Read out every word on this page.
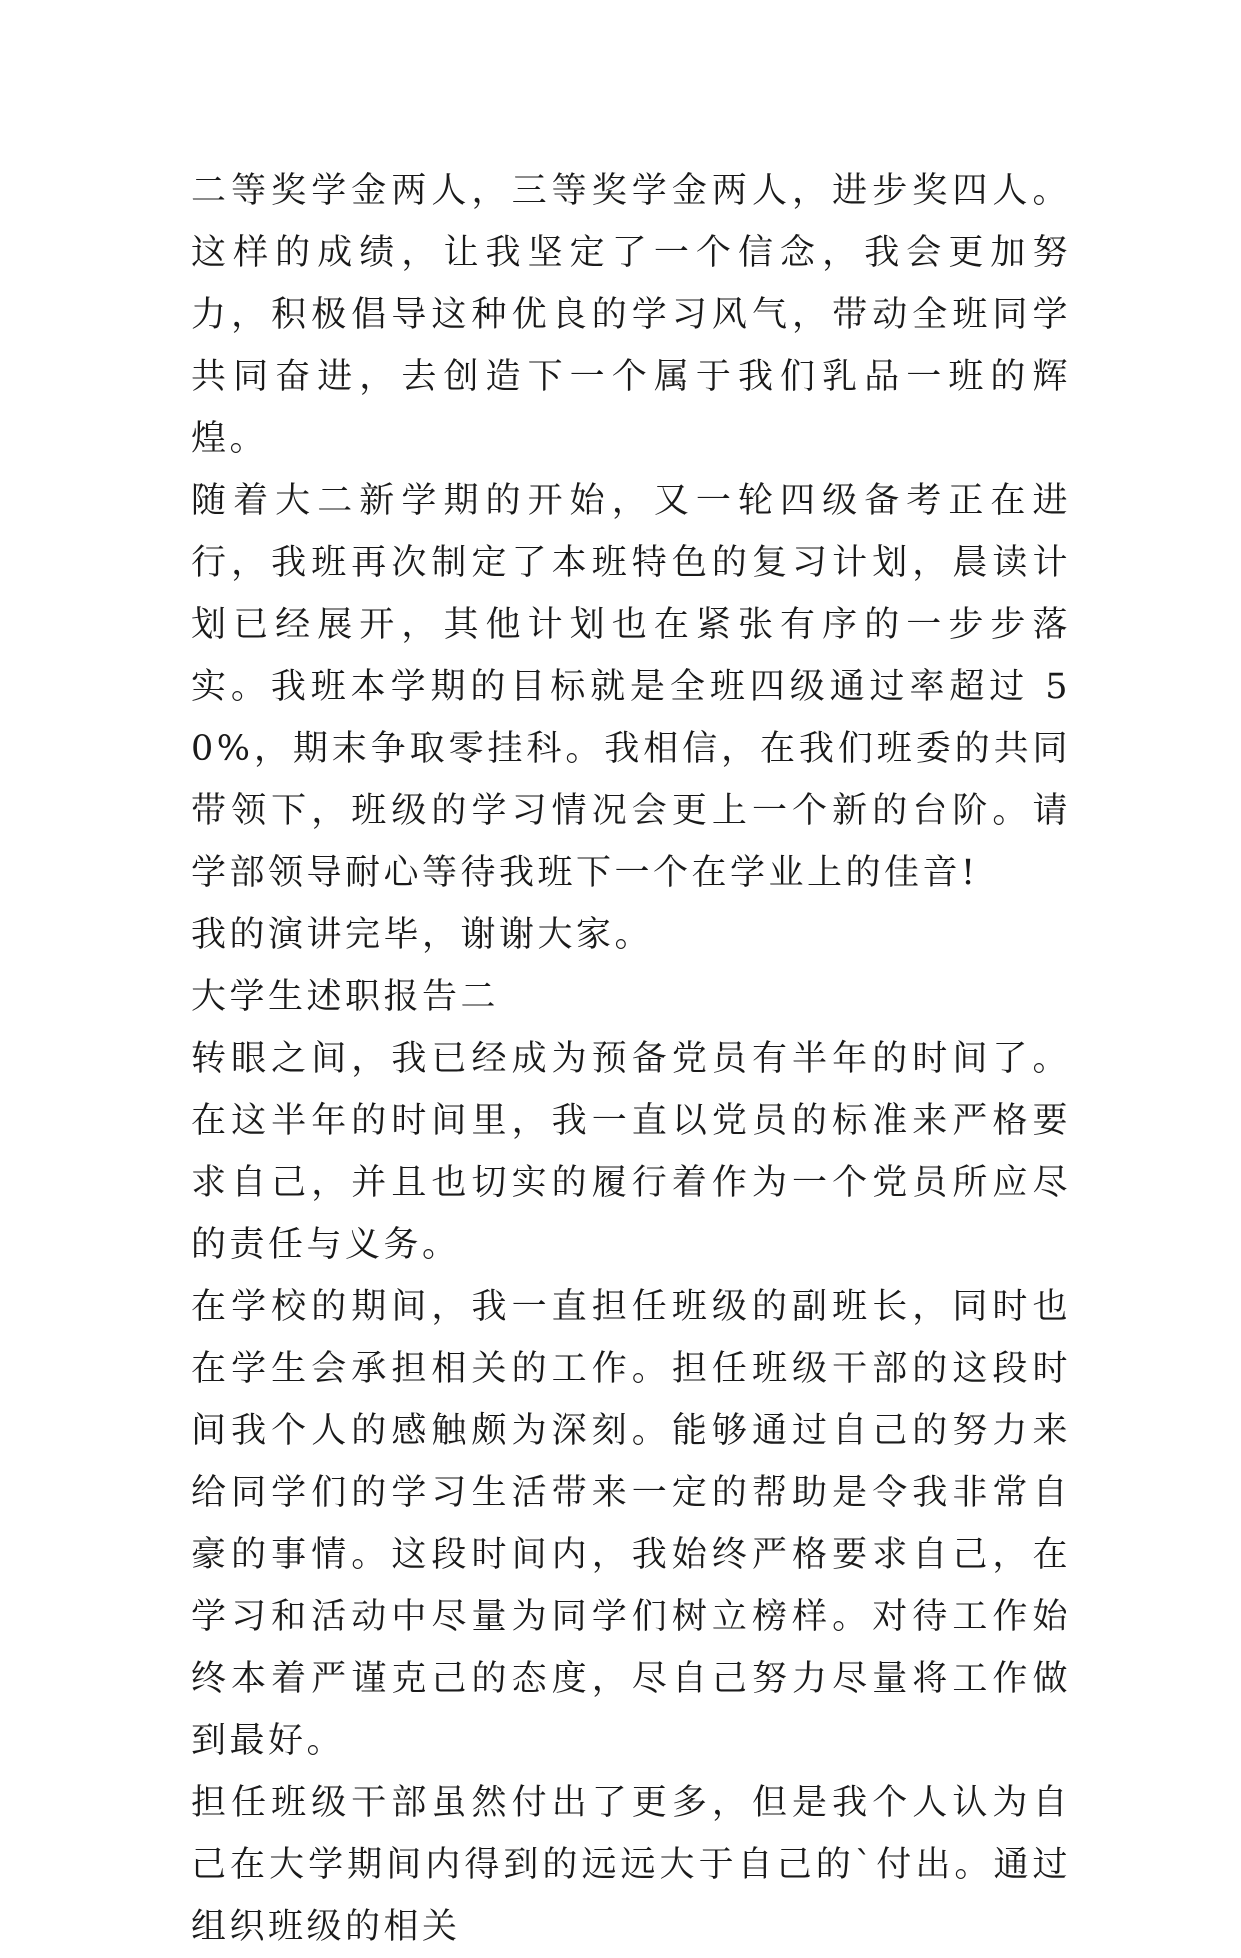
二等奖学金两人，三等奖学金两人，进步奖四人。这样的成绩，让我坚定了一个信念，我会更加努力，积极倡导这种优良的学习风气，带动全班同学共同奋进，去创造下一个属于我们乳品一班的辉煌。

随着大二新学期的开始，又一轮四级备考正在进行，我班再次制定了本班特色的复习计划，晨读计划已经展开，其他计划也在紧张有序的一步步落实。我班本学期的目标就是全班四级通过率超过 50%，期末争取零挂科。我相信，在我们班委的共同带领下，班级的学习情况会更上一个新的台阶。请学部领导耐心等待我班下一个在学业上的佳音!

我的演讲完毕，谢谢大家。

大学生述职报告二

转眼之间，我已经成为预备党员有半年的时间了。在这半年的时间里，我一直以党员的标准来严格要求自己，并且也切实的履行着作为一个党员所应尽的责任与义务。

在学校的期间，我一直担任班级的副班长，同时也在学生会承担相关的工作。担任班级干部的这段时间我个人的感触颇为深刻。能够通过自己的努力来给同学们的学习生活带来一定的帮助是令我非常自豪的事情。这段时间内，我始终严格要求自己，在学习和活动中尽量为同学们树立榜样。对待工作始终本着严谨克己的态度，尽自己努力尽量将工作做到最好。

担任班级干部虽然付出了更多，但是我个人认为自己在大学期间内得到的远远大于自己的`付出。通过组织班级的相关
